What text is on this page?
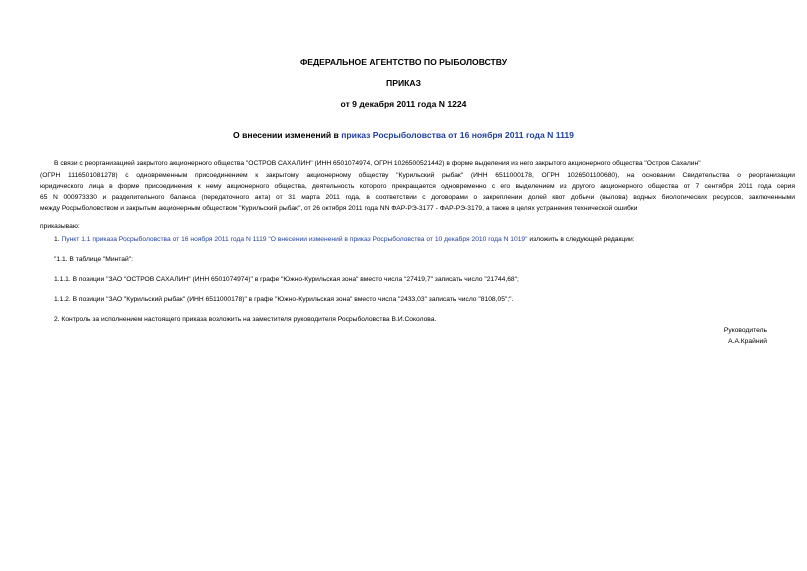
ФЕДЕРАЛЬНОЕ АГЕНТСТВО ПО РЫБОЛОВСТВУ
ПРИКАЗ
от 9 декабря 2011 года N 1224
О внесении изменений в приказ Росрыболовства от 16 ноября 2011 года N 1119
В связи с реорганизацией закрытого акционерного общества "ОСТРОВ САХАЛИН" (ИНН 6501074974, ОГРН 1026500521442) в форме выделения из него закрытого акционерного общества "Остров Сахалин"
(ОГРН 1116501081278) с одновременным присоединением к закрытому акционерному обществу "Курильский рыбак" (ИНН 6511000178, ОГРН 1026501100680), на основании Свидетельства о реорганизации
юридического лица в форме присоединения к нему акционерного общества, деятельность которого прекращается одновременно с его выделением из другого акционерного общества от 7 сентября 2011 года серия
65 N 000973330 и разделительного баланса (передаточного акта) от 31 марта 2011 года, в соответствии с договорами о закреплении долей квот добычи (вылова) водных биологических ресурсов, заключенными
между Росрыболовством и закрытым акционерным обществом "Курильский рыбак", от 26 октября 2011 года NN ФАР-РЭ-3177 - ФАР-РЭ-3179, а также в целях устранения технической ошибки
приказываю:
1. Пункт 1.1 приказа Росрыболовства от 16 ноября 2011 года N 1119 "О внесении изменений в приказ Росрыболовства от 10 декабря 2010 года N 1019" изложить в следующей редакции:
"1.1. В таблице "Минтай":
1.1.1. В позиции "ЗАО "ОСТРОВ САХАЛИН" (ИНН 6501074974)" в графе "Южно-Курильская зона" вместо числа "27419,7" записать число "21744,68";
1.1.2. В позиции "ЗАО "Курильский рыбак" (ИНН 6511000178)" в графе "Южно-Курильская зона" вместо числа "2433,03" записать число "8108,05";".
2. Контроль за исполнением настоящего приказа возложить на заместителя руководителя Росрыболовства В.И.Соколова.
Руководитель
А.А.Крайний
